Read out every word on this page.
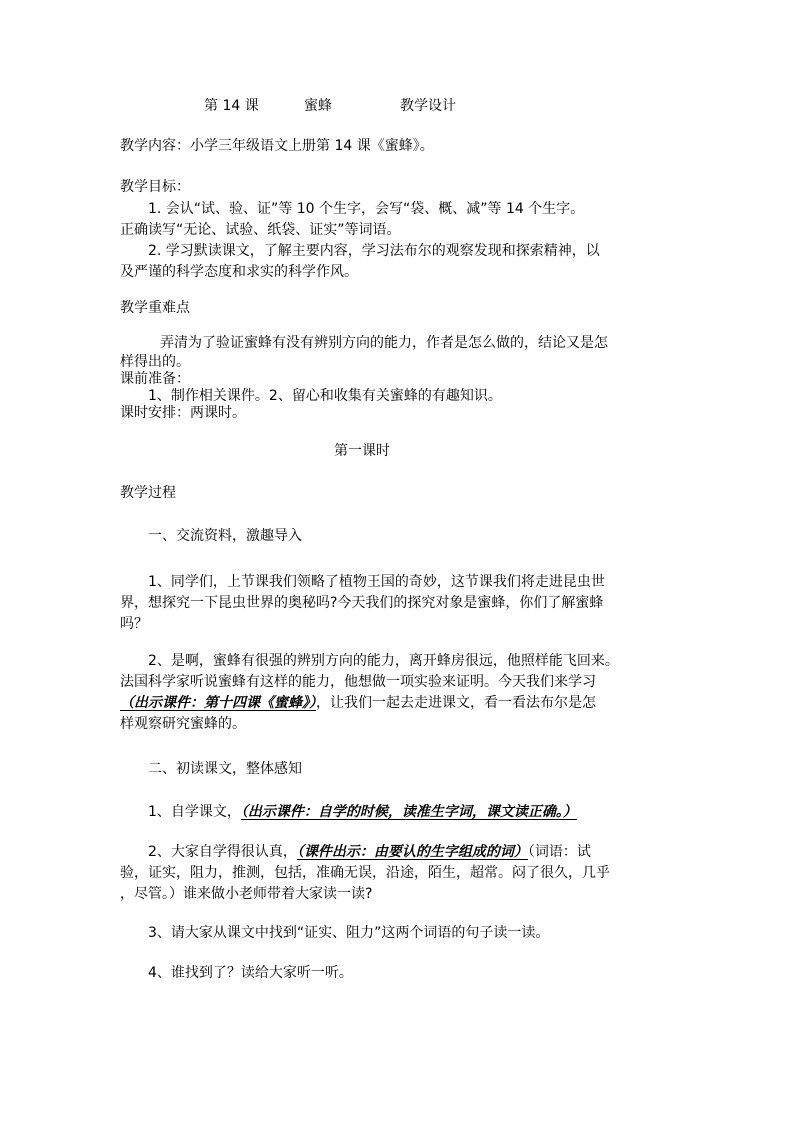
第 14 课	蜜蜂	教学设计
教学内容：小学三年级语文上册第 14 课《蜜蜂》。
教学目标：
1. 会认“试、验、证”等 10 个生字，会写“袋、概、减”等 14 个生字。
正确读写“无论、试验、纸袋、证实”等词语。
2. 学习默读课文，了解主要内容，学习法布尔的观察发现和探索精神，以
及严谨的科学态度和求实的科学作风。
教学重难点
弄清为了验证蜜蜂有没有辨别方向的能力，作者是怎么做的，结论又是怎
样得出的。
课前准备：
1、制作相关课件。2、留心和收集有关蜜蜂的有趣知识。
课时安排：两课时。
第一课时
教学过程
一、交流资料，激趣导入
1、同学们，上节课我们领略了植物王国的奇妙，这节课我们将走进昆虫世
界，想探究一下昆虫世界的奥秘吗?今天我们的探究对象是蜜蜂，你们了解蜜蜂
吗？
2、是啊，蜜蜂有很强的辨别方向的能力，离开蜂房很远，他照样能飞回来。
法国科学家听说蜜蜂有这样的能力，他想做一项实验来证明。今天我们来学习
（出示课件：第十四课《蜜蜂》），让我们一起去走进课文，看一看法布尔是怎
样观察研究蜜蜂的。
二、初读课文，整体感知
1、自学课文，（出示课件：自学的时候，读准生字词，课文读正确。）
2、大家自学得很认真，（课件出示：由要认的生字组成的词）（词语：试
验，证实，阻力，推测，包括，准确无误，沿途，陌生，超常。闷了很久，几乎
，尽管。）谁来做小老师带着大家读一读?
3、请大家从课文中找到“证实、阻力”这两个词语的句子读一读。
4、谁找到了？读给大家听一听。
